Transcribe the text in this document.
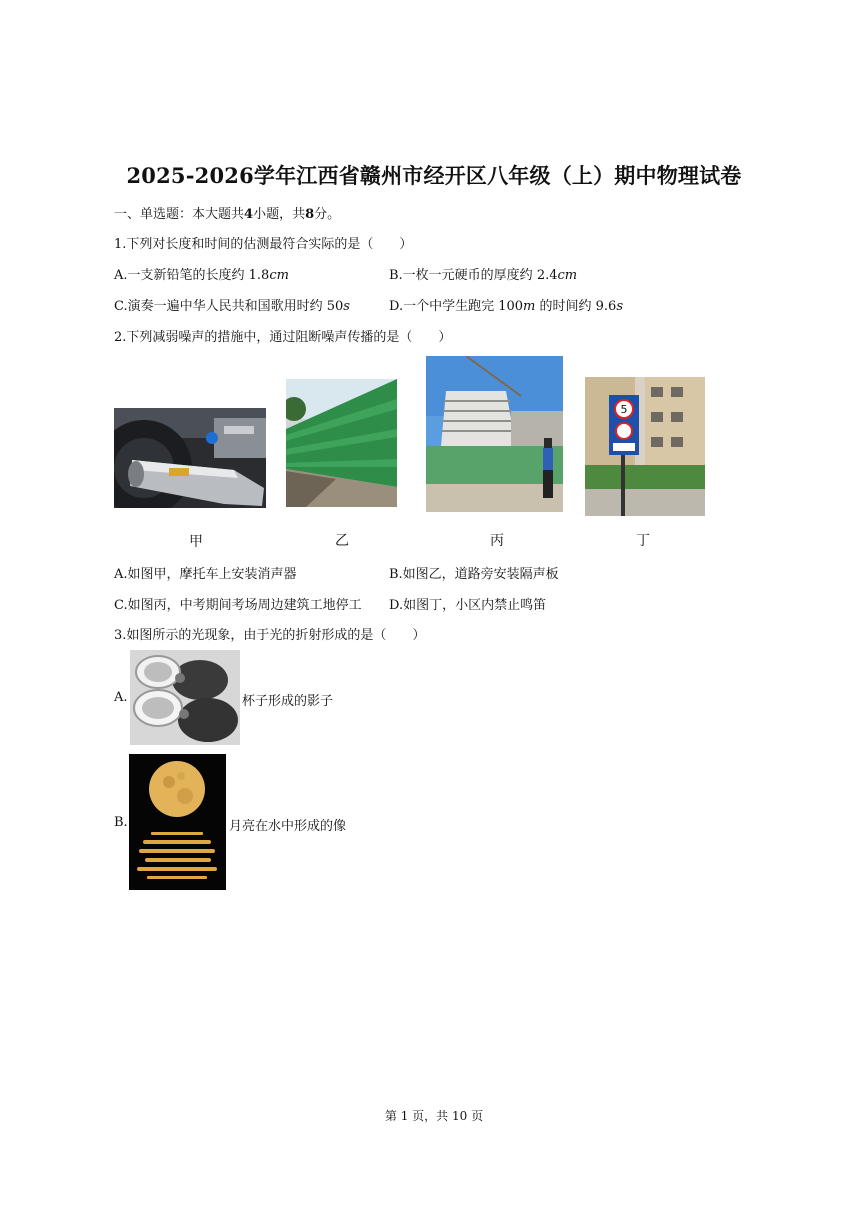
2025-2026学年江西省赣州市经开区八年级（上）期中物理试卷
一、单选题：本大题共4小题，共8分。
1.下列对长度和时间的估测最符合实际的是（　　）
A.一支新铅笔的长度约 1.8cm	B.一枚一元硬币的厚度约 2.4cm
C.演奏一遍中华人民共和国歌用时约 50s	D.一个中学生跑完 100m 的时间约 9.6s
2.下列减弱噪声的措施中，通过阻断噪声传播的是（　　）
5
甲	乙	丙	丁
A.如图甲，摩托车上安装消声器	B.如图乙，道路旁安装隔声板
C.如图丙，中考期间考场周边建筑工地停工 D.如图丁，小区内禁止鸣笛
3.如图所示的光现象，由于光的折射形成的是（　　）
A.	杯子形成的影子
B.	月亮在水中形成的像
第 1 页，共 10 页
